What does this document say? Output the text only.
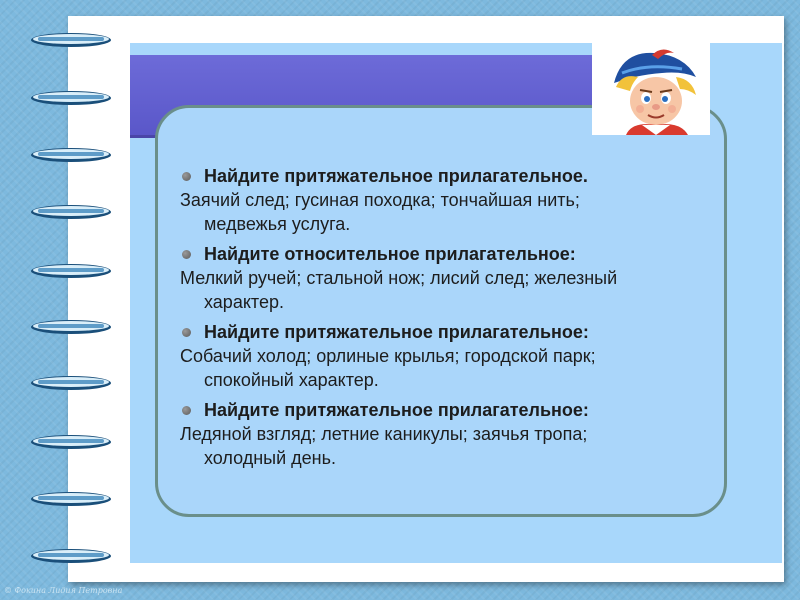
Найдите притяжательное прилагательное.
Заячий след; гусиная походка; тончайшая нить;
медвежья услуга.
Найдите относительное прилагательное:
Мелкий ручей; стальной нож; лисий след; железный
характер.
Найдите притяжательное прилагательное:
Собачий холод; орлиные крылья; городской парк;
спокойный характер.
Найдите притяжательное прилагательное:
Ледяной взгляд; летние каникулы; заячья тропа;
холодный день.
© Фокина Лидия Петровна
